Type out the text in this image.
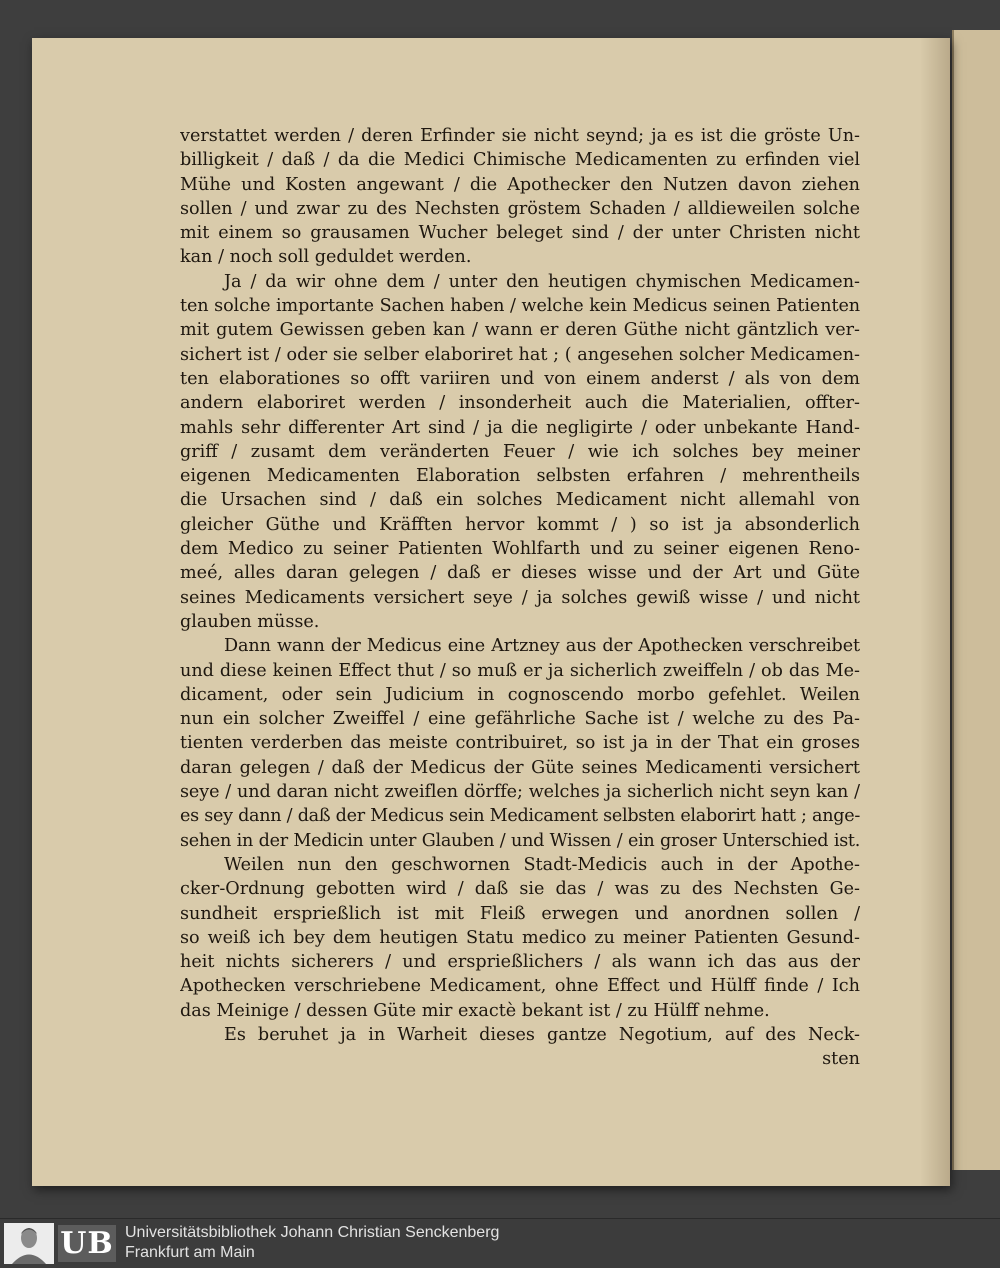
verstattet werden / deren Erfinder sie nicht seynd; ja es ist die gröste Un-
billigkeit / daß / da die Medici Chimische Medicamenten zu erfinden viel
Mühe und Kosten angewant / die Apothecker den Nutzen davon ziehen
sollen / und zwar zu des Nechsten gröstem Schaden / alldieweilen solche
mit einem so grausamen Wucher beleget sind / der unter Christen nicht
kan / noch soll geduldet werden.
Ja / da wir ohne dem / unter den heutigen chymischen Medicamen-
ten solche importante Sachen haben / welche kein Medicus seinen Patienten
mit gutem Gewissen geben kan / wann er deren Güthe nicht gäntzlich ver-
sichert ist / oder sie selber elaboriret hat ; ( angesehen solcher Medicamen-
ten elaborationes so offt variiren und von einem anderst / als von dem
andern elaboriret werden / insonderheit auch die Materialien, offter-
mahls sehr differenter Art sind / ja die negligirte / oder unbekante Hand-
griff / zusamt dem veränderten Feuer / wie ich solches bey meiner
eigenen Medicamenten Elaboration selbsten erfahren / mehrentheils
die Ursachen sind / daß ein solches Medicament nicht allemahl von
gleicher Güthe und Kräfften hervor kommt / ) so ist ja absonderlich
dem Medico zu seiner Patienten Wohlfarth und zu seiner eigenen Reno-
meé, alles daran gelegen / daß er dieses wisse und der Art und Güte
seines Medicaments versichert seye / ja solches gewiß wisse / und nicht
glauben müsse.
Dann wann der Medicus eine Artzney aus der Apothecken verschreibet
und diese keinen Effect thut / so muß er ja sicherlich zweiffeln / ob das Me-
dicament, oder sein Judicium in cognoscendo morbo gefehlet. Weilen
nun ein solcher Zweiffel / eine gefährliche Sache ist / welche zu des Pa-
tienten verderben das meiste contribuiret, so ist ja in der That ein groses
daran gelegen / daß der Medicus der Güte seines Medicamenti versichert
seye / und daran nicht zweiflen dörffe; welches ja sicherlich nicht seyn kan /
es sey dann / daß der Medicus sein Medicament selbsten elaborirt hatt ; ange-
sehen in der Medicin unter Glauben / und Wissen / ein groser Unterschied ist.
Weilen nun den geschwornen Stadt-Medicis auch in der Apothe-
cker-Ordnung gebotten wird / daß sie das / was zu des Nechsten Ge-
sundheit ersprießlich ist mit Fleiß erwegen und anordnen sollen /
so weiß ich bey dem heutigen Statu medico zu meiner Patienten Gesund-
heit nichts sicherers / und ersprießlichers / als wann ich das aus der
Apothecken verschriebene Medicament, ohne Effect und Hülff finde / Ich
das Meinige / dessen Güte mir exactè bekant ist / zu Hülff nehme.
Es beruhet ja in Warheit dieses gantze Negotium, auf des Neck-
sten
UB Universitätsbibliothek Johann Christian Senckenberg
Frankfurt am Main
